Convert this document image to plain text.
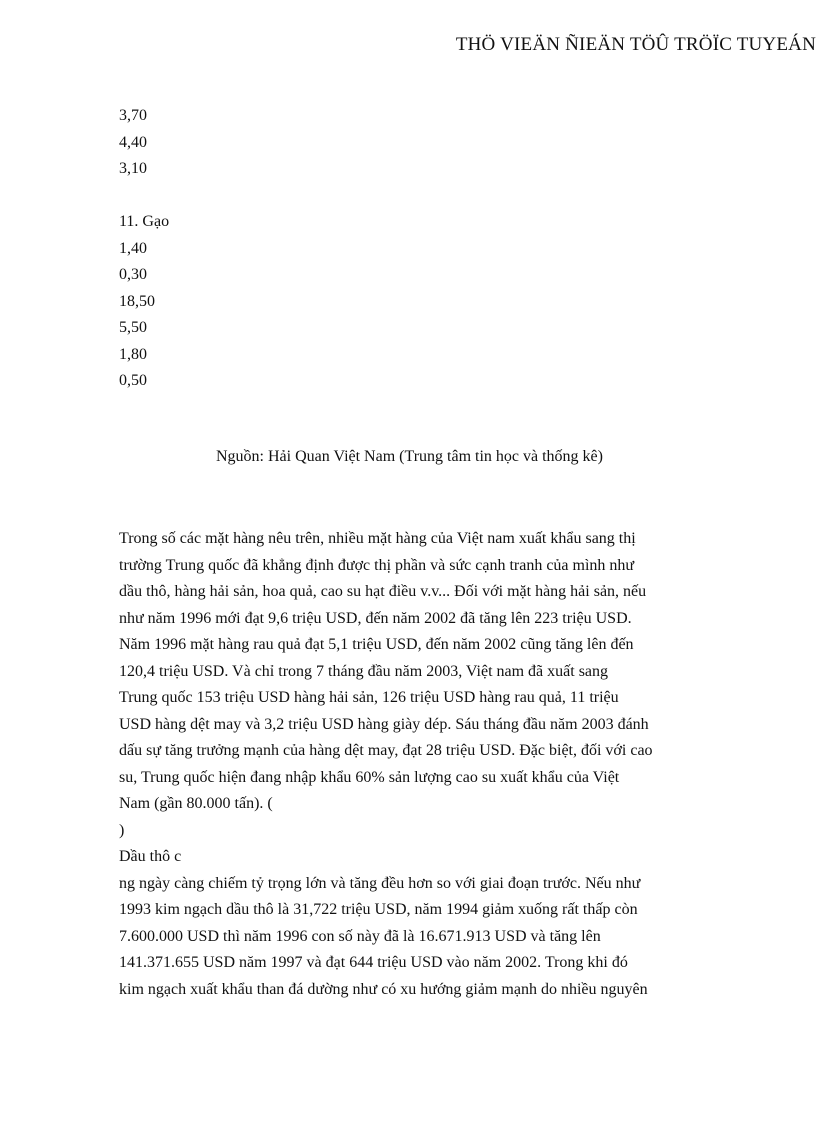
THÖ VIEÄN ÑIEÄN TÖÛ TRÖÏC TUYEÁN
3,70
4,40
3,10
11. Gạo
1,40
0,30
18,50
5,50
1,80
0,50
Nguồn: Hải Quan Việt Nam (Trung tâm tin học và thống kê)
Trong số các mặt hàng nêu trên, nhiều mặt hàng của Việt nam xuất khẩu sang thị
trường Trung quốc đã khẳng định được thị phần và sức cạnh tranh của mình như
dầu thô, hàng hải sản, hoa quả, cao su hạt điều v.v... Đối với mặt hàng hải sản, nếu
như năm 1996 mới đạt 9,6 triệu USD, đến năm 2002 đã tăng lên 223 triệu USD.
Năm 1996 mặt hàng rau quả đạt 5,1 triệu USD, đến năm 2002 cũng tăng lên đến
120,4 triệu USD. Và chỉ trong 7 tháng đầu năm 2003, Việt nam đã xuất sang
Trung quốc 153 triệu USD hàng hải sản, 126 triệu USD hàng rau quả, 11 triệu
USD hàng dệt may và 3,2 triệu USD hàng giày dép. Sáu tháng đầu năm 2003 đánh
dấu sự tăng trưởng mạnh của hàng dệt may, đạt 28 triệu USD. Đặc biệt, đối với cao
su, Trung quốc hiện đang nhập khẩu 60% sản lượng cao su xuất khẩu của Việt
Nam (gần 80.000 tấn). (
)
Dầu thô c
ng ngày càng chiếm tỷ trọng lớn và tăng đều hơn so với giai đoạn trước. Nếu như
1993 kim ngạch dầu thô là 31,722 triệu USD, năm 1994 giảm xuống rất thấp còn
7.600.000 USD thì năm 1996 con số này đã là 16.671.913 USD và tăng lên
141.371.655 USD năm 1997 và đạt 644 triệu USD vào năm 2002. Trong khi đó
kim ngạch xuất khẩu than đá dường như có xu hướng giảm mạnh do nhiều nguyên
